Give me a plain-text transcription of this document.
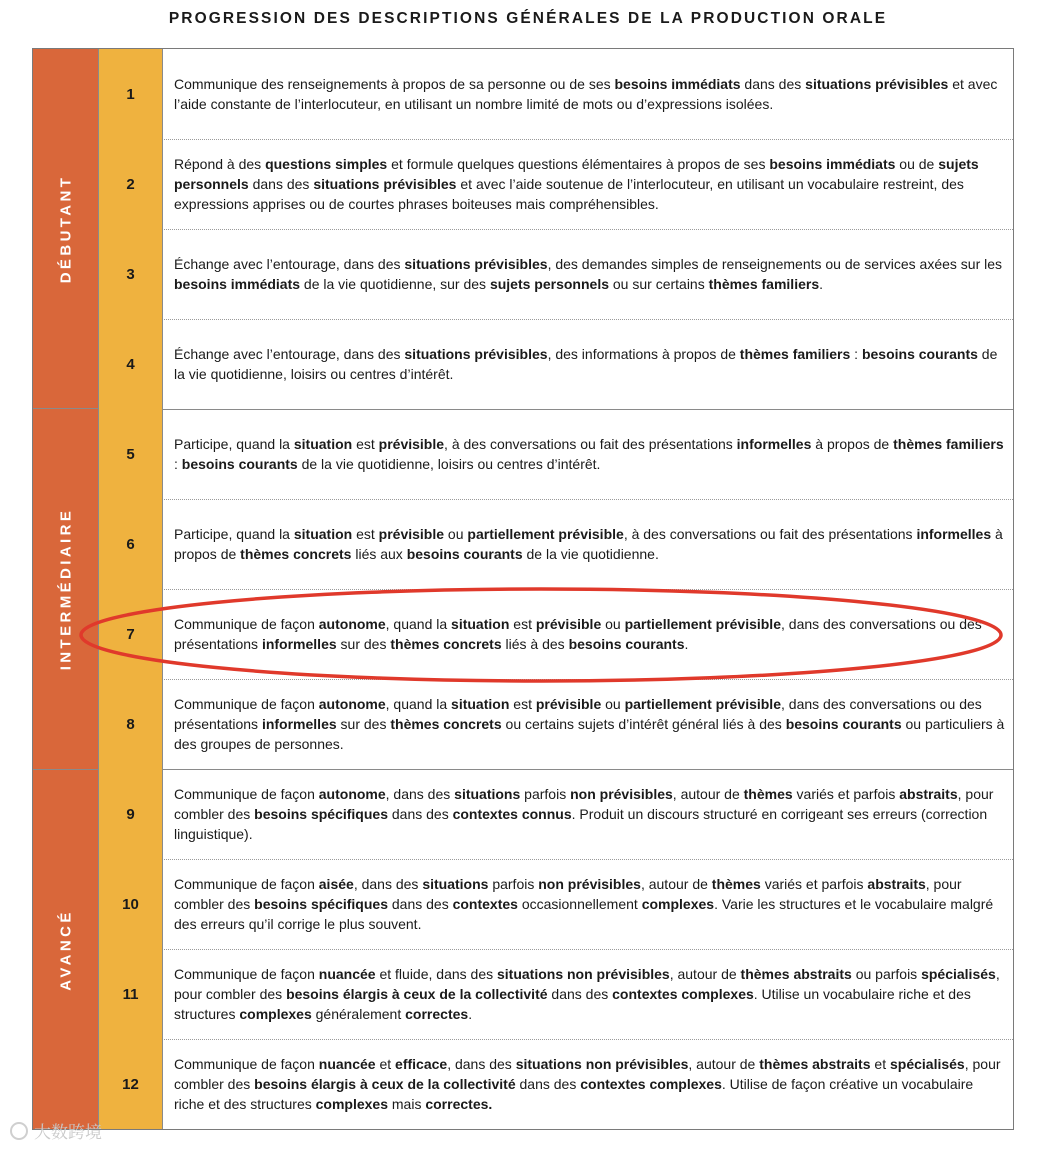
PROGRESSION DES DESCRIPTIONS GÉNÉRALES DE LA PRODUCTION ORALE
DÉBUTANT
INTERMÉDIAIRE
AVANCÉ
1
Communique des renseignements à propos de sa personne ou de ses besoins immédiats dans des situations prévisibles et avec l’aide constante de l’interlocuteur, en utilisant un nombre limité de mots ou d’expressions isolées.
2
Répond à des questions simples et formule quelques questions élémentaires à propos de ses besoins immédiats ou de sujets personnels dans des situations prévisibles et avec l’aide soutenue de l’interlocuteur, en utilisant un vocabulaire restreint, des expressions apprises ou de courtes phrases boiteuses mais compréhensibles.
3
Échange avec l’entourage, dans des situations prévisibles, des demandes simples de renseignements ou de services axées sur les besoins immédiats de la vie quotidienne, sur des sujets personnels ou sur certains thèmes familiers.
4
Échange avec l’entourage, dans des situations prévisibles, des informations à propos de thèmes familiers : besoins courants de la vie quotidienne, loisirs ou centres d’intérêt.
5
Participe, quand la situation est prévisible, à des conversations ou fait des présentations informelles à propos de thèmes familiers : besoins courants de la vie quotidienne, loisirs ou centres d’intérêt.
6
Participe, quand la situation est prévisible ou partiellement prévisible, à des conversations ou fait des présentations informelles à propos de thèmes concrets liés aux besoins courants de la vie quotidienne.
7
Communique de façon autonome, quand la situation est prévisible ou partiellement prévisible, dans des conversations ou des présentations informelles sur des thèmes concrets liés à des besoins courants.
8
Communique de façon autonome, quand la situation est prévisible ou partiellement prévisible, dans des conversations ou des présentations informelles sur des thèmes concrets ou certains sujets d’intérêt général liés à des besoins courants ou particuliers à des groupes de personnes.
9
Communique de façon autonome, dans des situations parfois non prévisibles, autour de thèmes variés et parfois abstraits, pour combler des besoins spécifiques dans des contextes connus. Produit un discours structuré en corrigeant ses erreurs (correction linguistique).
10
Communique de façon aisée, dans des situations parfois non prévisibles, autour de thèmes variés et parfois abstraits, pour combler des besoins spécifiques dans des contextes occasionnellement complexes. Varie les structures et le vocabulaire malgré des erreurs qu’il corrige le plus souvent.
11
Communique de façon nuancée et fluide, dans des situations non prévisibles, autour de thèmes abstraits ou parfois spécialisés, pour combler des besoins élargis à ceux de la collectivité dans des contextes complexes. Utilise un vocabulaire riche et des structures complexes généralement correctes.
12
Communique de façon nuancée et efficace, dans des situations non prévisibles, autour de thèmes abstraits et spécialisés, pour combler des besoins élargis à ceux de la collectivité dans des contextes complexes. Utilise de façon créative un vocabulaire riche et des structures complexes mais correctes.
大数跨境
